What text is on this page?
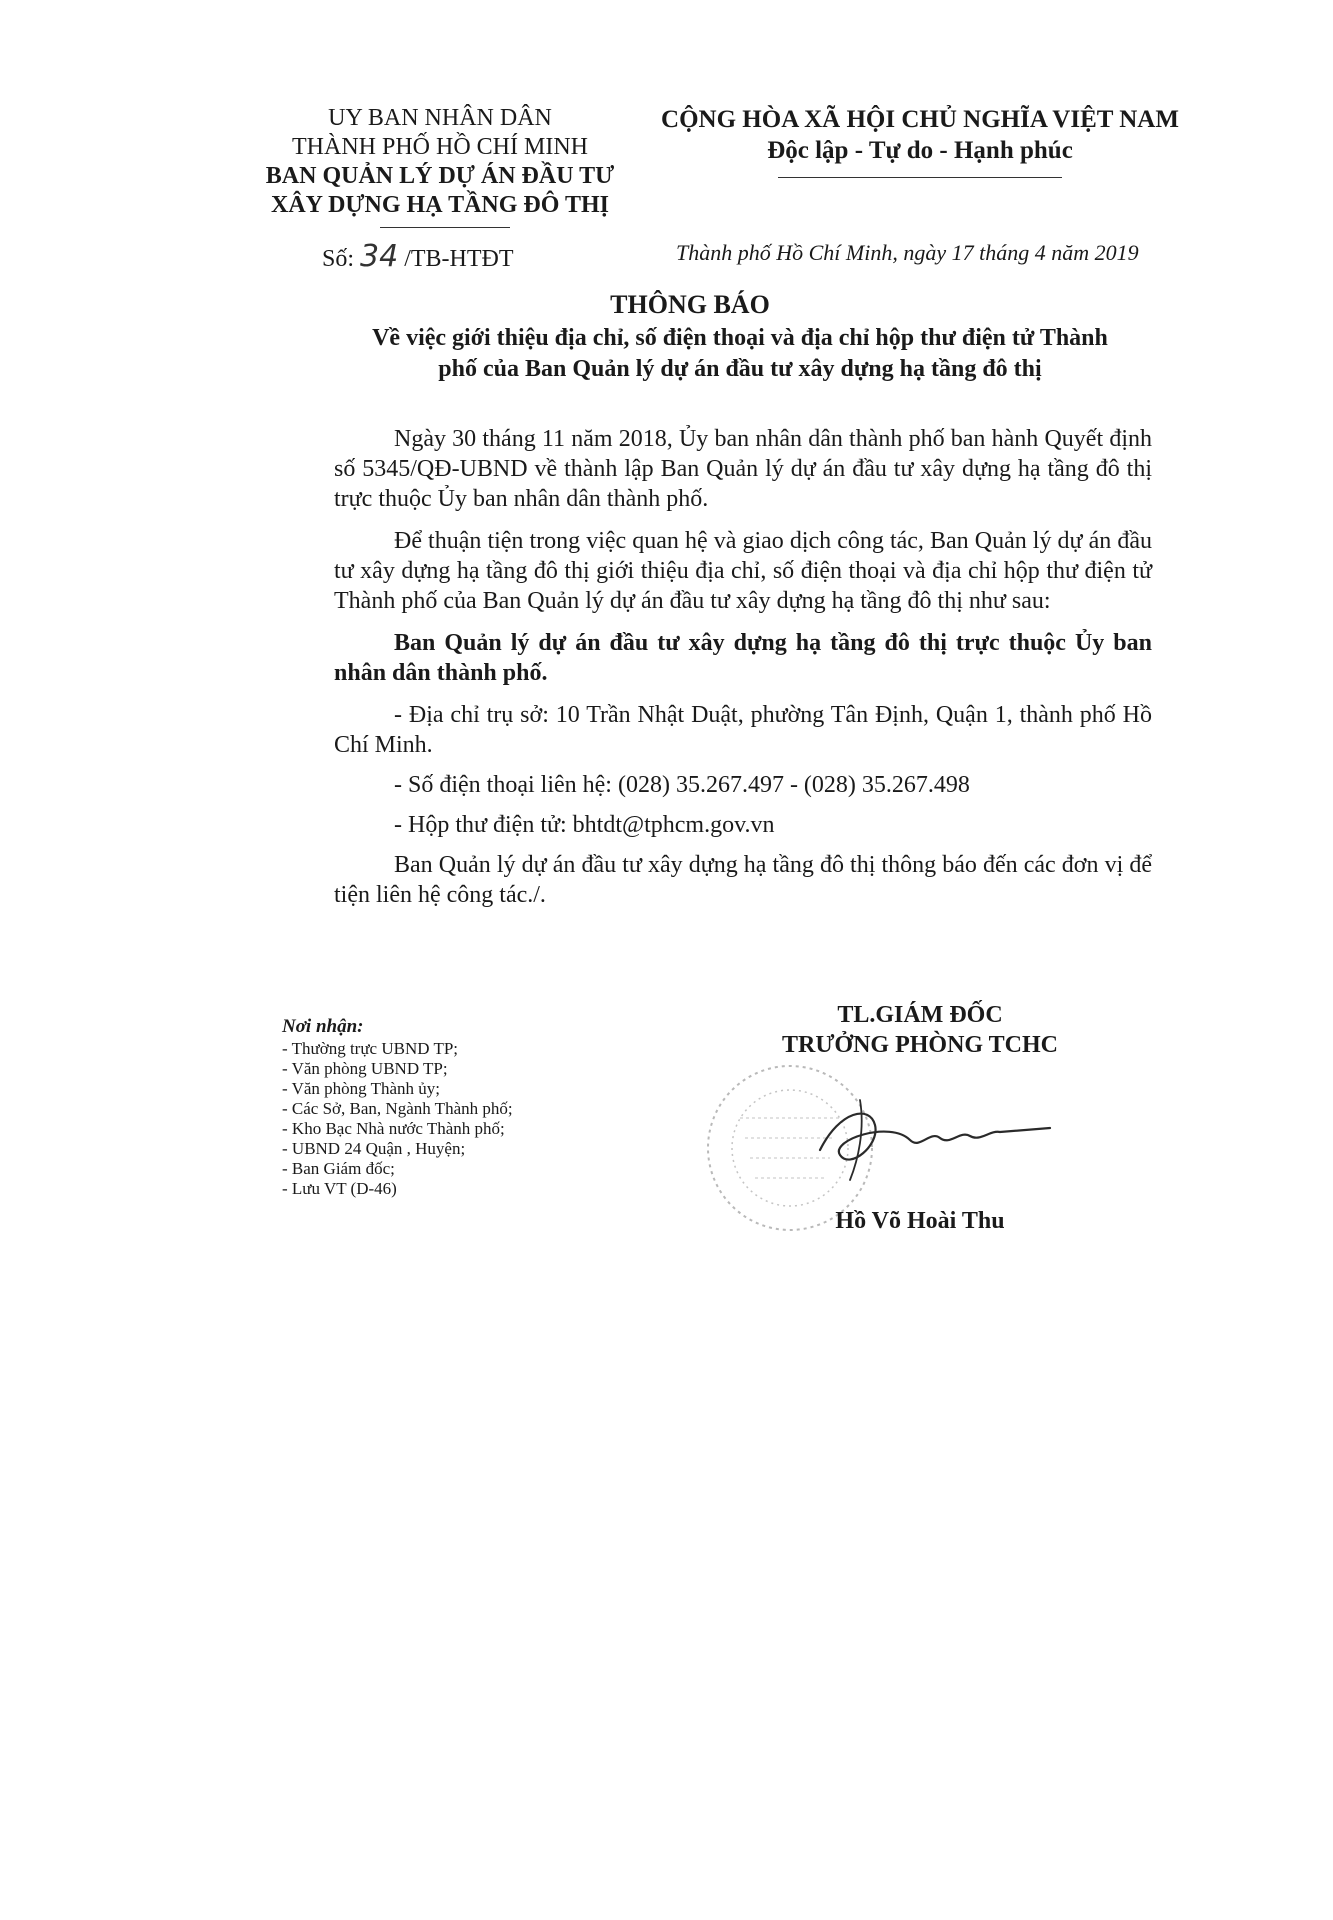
UY BAN NHÂN DÂN
THÀNH PHỐ HỒ CHÍ MINH
BAN QUẢN LÝ DỰ ÁN ĐẦU TƯ
XÂY DỰNG HẠ TẦNG ĐÔ THỊ
CỘNG HÒA XÃ HỘI CHỦ NGHĨA VIỆT NAM
Độc lập - Tự do - Hạnh phúc
Số: 34 /TB-HTĐT	Thành phố Hồ Chí Minh, ngày 17 tháng 4 năm 2019
THÔNG BÁO
Về việc giới thiệu địa chỉ, số điện thoại và địa chỉ hộp thư điện tử Thành
phố của Ban Quản lý dự án đầu tư xây dựng hạ tầng đô thị

Ngày 30 tháng 11 năm 2018, Ủy ban nhân dân thành phố ban hành Quyết định số 5345/QĐ-UBND về thành lập Ban Quản lý dự án đầu tư xây dựng hạ tầng đô thị trực thuộc Ủy ban nhân dân thành phố.

Để thuận tiện trong việc quan hệ và giao dịch công tác, Ban Quản lý dự án đầu tư xây dựng hạ tầng đô thị giới thiệu địa chỉ, số điện thoại và địa chỉ hộp thư điện tử Thành phố của Ban Quản lý dự án đầu tư xây dựng hạ tầng đô thị như sau:

Ban Quản lý dự án đầu tư xây dựng hạ tầng đô thị trực thuộc Ủy ban nhân dân thành phố.

- Địa chỉ trụ sở: 10 Trần Nhật Duật, phường Tân Định, Quận 1, thành phố Hồ Chí Minh.

- Số điện thoại liên hệ: (028) 35.267.497 - (028) 35.267.498

- Hộp thư điện tử: bhtdt@tphcm.gov.vn

Ban Quản lý dự án đầu tư xây dựng hạ tầng đô thị thông báo đến các đơn vị để tiện liên hệ công tác./.

Nơi nhận:
- Thường trực UBND TP;
- Văn phòng UBND TP;
- Văn phòng Thành ủy;
- Các Sở, Ban, Ngành Thành phố;
- Kho Bạc Nhà nước Thành phố;
- UBND 24 Quận , Huyện;
- Ban Giám đốc;
- Lưu VT (D-46)
TL.GIÁM ĐỐC
TRƯỞNG PHÒNG TCHC
Hồ Võ Hoài Thu
